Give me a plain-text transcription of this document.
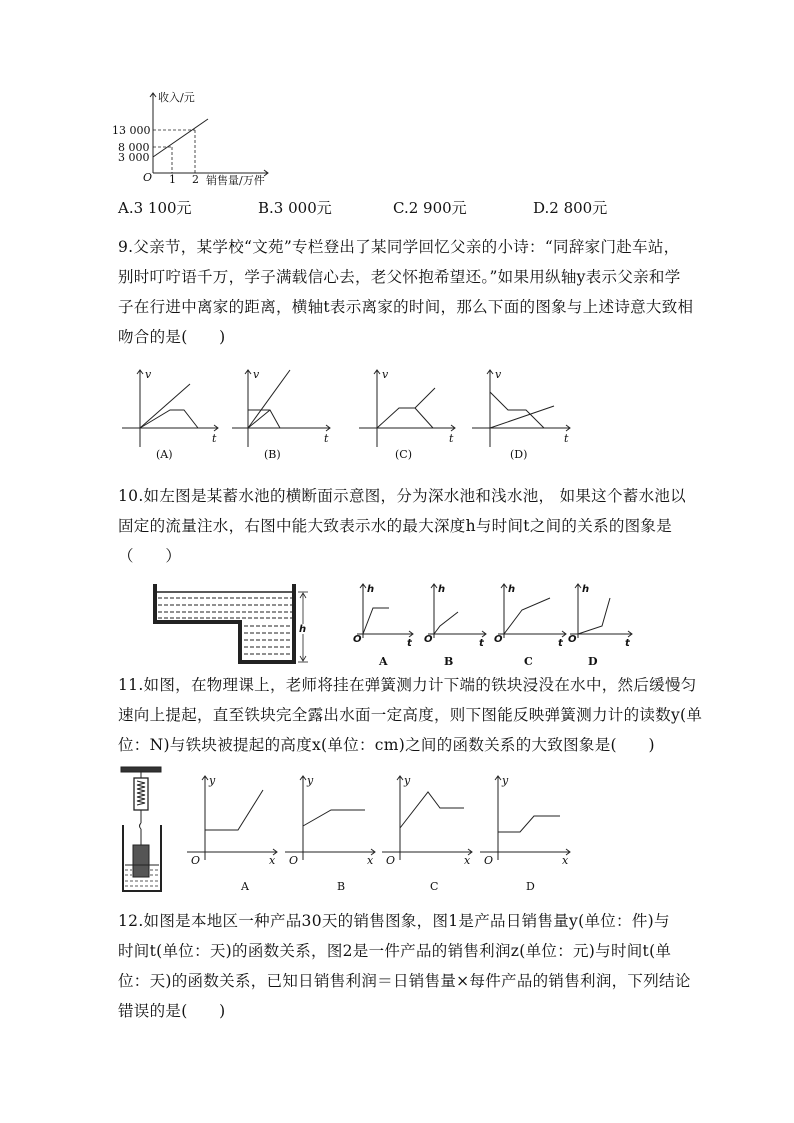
收入/元
销售量/万件
O
13 000
8 000
3 000
1 2
A.3 100元	B.3 000元	C.2 900元	D.2 800元
9.父亲节，某学校“文苑”专栏登出了某同学回忆父亲的小诗：“同辞家门赴车站，
别时叮咛语千万，学子满载信心去，老父怀抱希望还。”如果用纵轴y表示父亲和学
子在行进中离家的距离，横轴t表示离家的时间，那么下面的图象与上述诗意大致相
吻合的是(　　)
v
t
(A)
v
t
(B)
v
t
(C)
v
t
(D)
10.如左图是某蓄水池的横断面示意图，分为深水池和浅水池， 如果这个蓄水池以
固定的流量注水，右图中能大致表示水的最大深度h与时间t之间的关系的图象是
（　　）
h
h
t
O
A
h
t
O
B
h
t
O
C
h
t
O
D
11.如图，在物理课上，老师将挂在弹簧测力计下端的铁块浸没在水中，然后缓慢匀
速向上提起，直至铁块完全露出水面一定高度，则下图能反映弹簧测力计的读数y(单
位：N)与铁块被提起的高度x(单位：cm)之间的函数关系的大致图象是(　　)
y
x
O
A
y
x
O
B
y
x
O
C
y
x
O
D
12.如图是本地区一种产品30天的销售图象，图1是产品日销售量y(单位：件)与
时间t(单位：天)的函数关系，图2是一件产品的销售利润z(单位：元)与时间t(单
位：天)的函数关系，已知日销售利润＝日销售量×每件产品的销售利润，下列结论
错误的是(　　)
